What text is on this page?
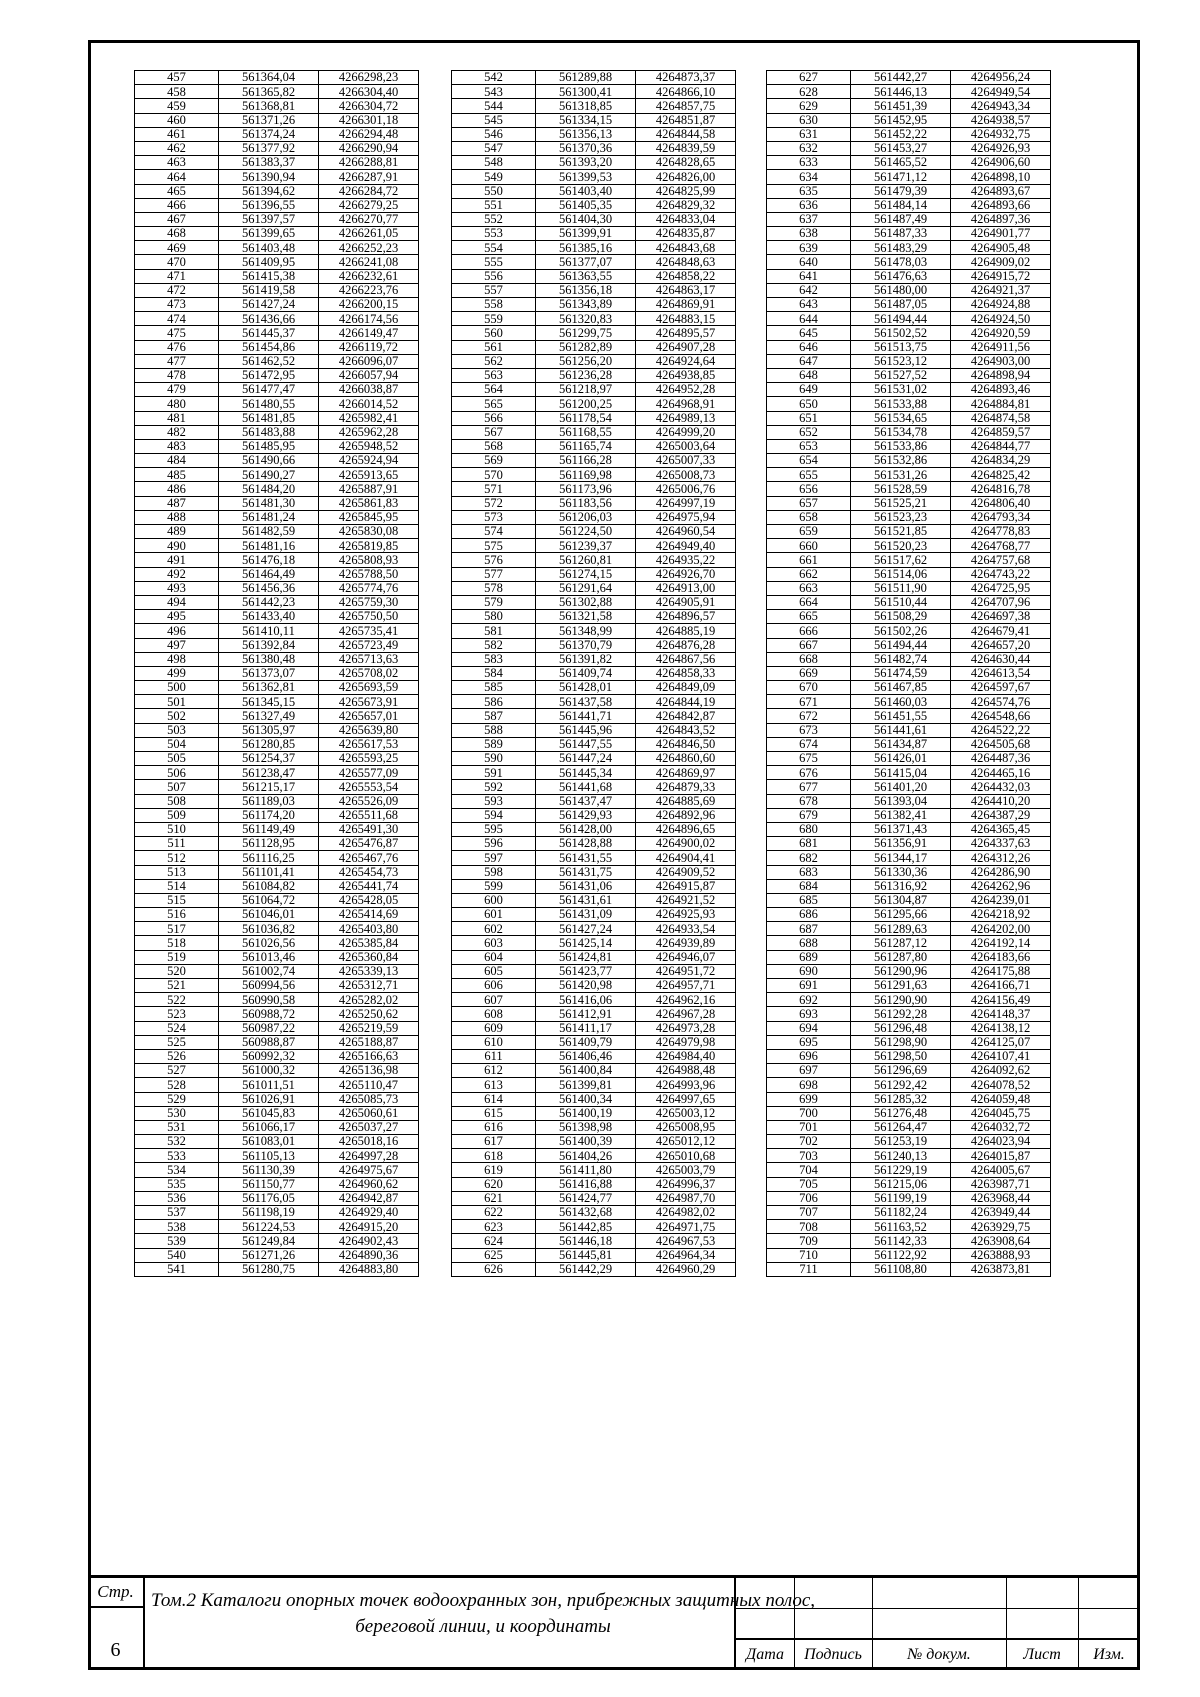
457	561364,04	4266298,23
458	561365,82	4266304,40
459	561368,81	4266304,72
460	561371,26	4266301,18
461	561374,24	4266294,48
462	561377,92	4266290,94
463	561383,37	4266288,81
464	561390,94	4266287,91
465	561394,62	4266284,72
466	561396,55	4266279,25
467	561397,57	4266270,77
468	561399,65	4266261,05
469	561403,48	4266252,23
470	561409,95	4266241,08
471	561415,38	4266232,61
472	561419,58	4266223,76
473	561427,24	4266200,15
474	561436,66	4266174,56
475	561445,37	4266149,47
476	561454,86	4266119,72
477	561462,52	4266096,07
478	561472,95	4266057,94
479	561477,47	4266038,87
480	561480,55	4266014,52
481	561481,85	4265982,41
482	561483,88	4265962,28
483	561485,95	4265948,52
484	561490,66	4265924,94
485	561490,27	4265913,65
486	561484,20	4265887,91
487	561481,30	4265861,83
488	561481,24	4265845,95
489	561482,59	4265830,08
490	561481,16	4265819,85
491	561476,18	4265808,93
492	561464,49	4265788,50
493	561456,36	4265774,76
494	561442,23	4265759,30
495	561433,40	4265750,50
496	561410,11	4265735,41
497	561392,84	4265723,49
498	561380,48	4265713,63
499	561373,07	4265708,02
500	561362,81	4265693,59
501	561345,15	4265673,91
502	561327,49	4265657,01
503	561305,97	4265639,80
504	561280,85	4265617,53
505	561254,37	4265593,25
506	561238,47	4265577,09
507	561215,17	4265553,54
508	561189,03	4265526,09
509	561174,20	4265511,68
510	561149,49	4265491,30
511	561128,95	4265476,87
512	561116,25	4265467,76
513	561101,41	4265454,73
514	561084,82	4265441,74
515	561064,72	4265428,05
516	561046,01	4265414,69
517	561036,82	4265403,80
518	561026,56	4265385,84
519	561013,46	4265360,84
520	561002,74	4265339,13
521	560994,56	4265312,71
522	560990,58	4265282,02
523	560988,72	4265250,62
524	560987,22	4265219,59
525	560988,87	4265188,87
526	560992,32	4265166,63
527	561000,32	4265136,98
528	561011,51	4265110,47
529	561026,91	4265085,73
530	561045,83	4265060,61
531	561066,17	4265037,27
532	561083,01	4265018,16
533	561105,13	4264997,28
534	561130,39	4264975,67
535	561150,77	4264960,62
536	561176,05	4264942,87
537	561198,19	4264929,40
538	561224,53	4264915,20
539	561249,84	4264902,43
540	561271,26	4264890,36
541	561280,75	4264883,80
542	561289,88	4264873,37
543	561300,41	4264866,10
544	561318,85	4264857,75
545	561334,15	4264851,87
546	561356,13	4264844,58
547	561370,36	4264839,59
548	561393,20	4264828,65
549	561399,53	4264826,00
550	561403,40	4264825,99
551	561405,35	4264829,32
552	561404,30	4264833,04
553	561399,91	4264835,87
554	561385,16	4264843,68
555	561377,07	4264848,63
556	561363,55	4264858,22
557	561356,18	4264863,17
558	561343,89	4264869,91
559	561320,83	4264883,15
560	561299,75	4264895,57
561	561282,89	4264907,28
562	561256,20	4264924,64
563	561236,28	4264938,85
564	561218,97	4264952,28
565	561200,25	4264968,91
566	561178,54	4264989,13
567	561168,55	4264999,20
568	561165,74	4265003,64
569	561166,28	4265007,33
570	561169,98	4265008,73
571	561173,96	4265006,76
572	561183,56	4264997,19
573	561206,03	4264975,94
574	561224,50	4264960,54
575	561239,37	4264949,40
576	561260,81	4264935,22
577	561274,15	4264926,70
578	561291,64	4264913,00
579	561302,88	4264905,91
580	561321,58	4264896,57
581	561348,99	4264885,19
582	561370,79	4264876,28
583	561391,82	4264867,56
584	561409,74	4264858,33
585	561428,01	4264849,09
586	561437,58	4264844,19
587	561441,71	4264842,87
588	561445,96	4264843,52
589	561447,55	4264846,50
590	561447,24	4264860,60
591	561445,34	4264869,97
592	561441,68	4264879,33
593	561437,47	4264885,69
594	561429,93	4264892,96
595	561428,00	4264896,65
596	561428,88	4264900,02
597	561431,55	4264904,41
598	561431,75	4264909,52
599	561431,06	4264915,87
600	561431,61	4264921,52
601	561431,09	4264925,93
602	561427,24	4264933,54
603	561425,14	4264939,89
604	561424,81	4264946,07
605	561423,77	4264951,72
606	561420,98	4264957,71
607	561416,06	4264962,16
608	561412,91	4264967,28
609	561411,17	4264973,28
610	561409,79	4264979,98
611	561406,46	4264984,40
612	561400,84	4264988,48
613	561399,81	4264993,96
614	561400,34	4264997,65
615	561400,19	4265003,12
616	561398,98	4265008,95
617	561400,39	4265012,12
618	561404,26	4265010,68
619	561411,80	4265003,79
620	561416,88	4264996,37
621	561424,77	4264987,70
622	561432,68	4264982,02
623	561442,85	4264971,75
624	561446,18	4264967,53
625	561445,81	4264964,34
626	561442,29	4264960,29
627	561442,27	4264956,24
628	561446,13	4264949,54
629	561451,39	4264943,34
630	561452,95	4264938,57
631	561452,22	4264932,75
632	561453,27	4264926,93
633	561465,52	4264906,60
634	561471,12	4264898,10
635	561479,39	4264893,67
636	561484,14	4264893,66
637	561487,49	4264897,36
638	561487,33	4264901,77
639	561483,29	4264905,48
640	561478,03	4264909,02
641	561476,63	4264915,72
642	561480,00	4264921,37
643	561487,05	4264924,88
644	561494,44	4264924,50
645	561502,52	4264920,59
646	561513,75	4264911,56
647	561523,12	4264903,00
648	561527,52	4264898,94
649	561531,02	4264893,46
650	561533,88	4264884,81
651	561534,65	4264874,58
652	561534,78	4264859,57
653	561533,86	4264844,77
654	561532,86	4264834,29
655	561531,26	4264825,42
656	561528,59	4264816,78
657	561525,21	4264806,40
658	561523,23	4264793,34
659	561521,85	4264778,83
660	561520,23	4264768,77
661	561517,62	4264757,68
662	561514,06	4264743,22
663	561511,90	4264725,95
664	561510,44	4264707,96
665	561508,29	4264697,38
666	561502,26	4264679,41
667	561494,44	4264657,20
668	561482,74	4264630,44
669	561474,59	4264613,54
670	561467,85	4264597,67
671	561460,03	4264574,76
672	561451,55	4264548,66
673	561441,61	4264522,22
674	561434,87	4264505,68
675	561426,01	4264487,36
676	561415,04	4264465,16
677	561401,20	4264432,03
678	561393,04	4264410,20
679	561382,41	4264387,29
680	561371,43	4264365,45
681	561356,91	4264337,63
682	561344,17	4264312,26
683	561330,36	4264286,90
684	561316,92	4264262,96
685	561304,87	4264239,01
686	561295,66	4264218,92
687	561289,63	4264202,00
688	561287,12	4264192,14
689	561287,80	4264183,66
690	561290,96	4264175,88
691	561291,63	4264166,71
692	561290,90	4264156,49
693	561292,28	4264148,37
694	561296,48	4264138,12
695	561298,90	4264125,07
696	561298,50	4264107,41
697	561296,69	4264092,62
698	561292,42	4264078,52
699	561285,32	4264059,48
700	561276,48	4264045,75
701	561264,47	4264032,72
702	561253,19	4264023,94
703	561240,13	4264015,87
704	561229,19	4264005,67
705	561215,06	4263987,71
706	561199,19	4263968,44
707	561182,24	4263949,44
708	561163,52	4263929,75
709	561142,33	4263908,64
710	561122,92	4263888,93
711	561108,80	4263873,81
Стр.
6
Том.2 Каталоги опорных точек водоохранных зон, прибрежных защитных полос, береговой линии, и координаты
Дата	Подпись	№ докум.	Лист	Изм.
